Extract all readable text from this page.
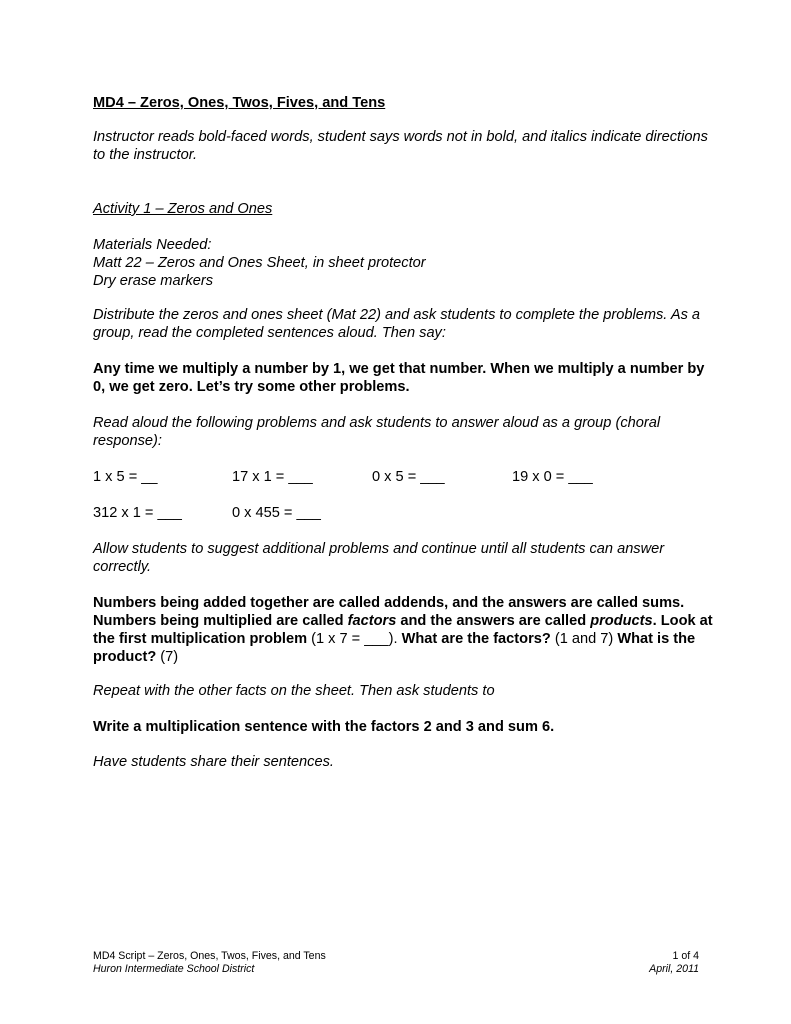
MD4 – Zeros, Ones, Twos, Fives, and Tens

Instructor reads bold-faced words, student says words not in bold, and italics indicate directions to the instructor.

Activity 1 – Zeros and Ones

Materials Needed:
Matt 22 – Zeros and Ones Sheet, in sheet protector
Dry erase markers

Distribute the zeros and ones sheet (Mat 22) and ask students to complete the problems. As a group, read the completed sentences aloud. Then say:

Any time we multiply a number by 1, we get that number. When we multiply a number by 0, we get zero. Let’s try some other problems.

Read aloud the following problems and ask students to answer aloud as a group (choral response):

1 x 5 = __	17 x 1 = ___	0 x 5 = ___	19 x 0 = ___
312 x 1 = ___	0 x 455 = ___

Allow students to suggest additional problems and continue until all students can answer correctly.

Numbers being added together are called addends, and the answers are called sums. Numbers being multiplied are called factors and the answers are called products. Look at the first multiplication problem (1 x 7 = ___). What are the factors? (1 and 7) What is the product? (7)

Repeat with the other facts on the sheet. Then ask students to

Write a multiplication sentence with the factors 2 and 3 and sum 6.

Have students share their sentences.

MD4 Script – Zeros, Ones, Twos, Fives, and Tens
Huron Intermediate School District
1 of 4
April, 2011
